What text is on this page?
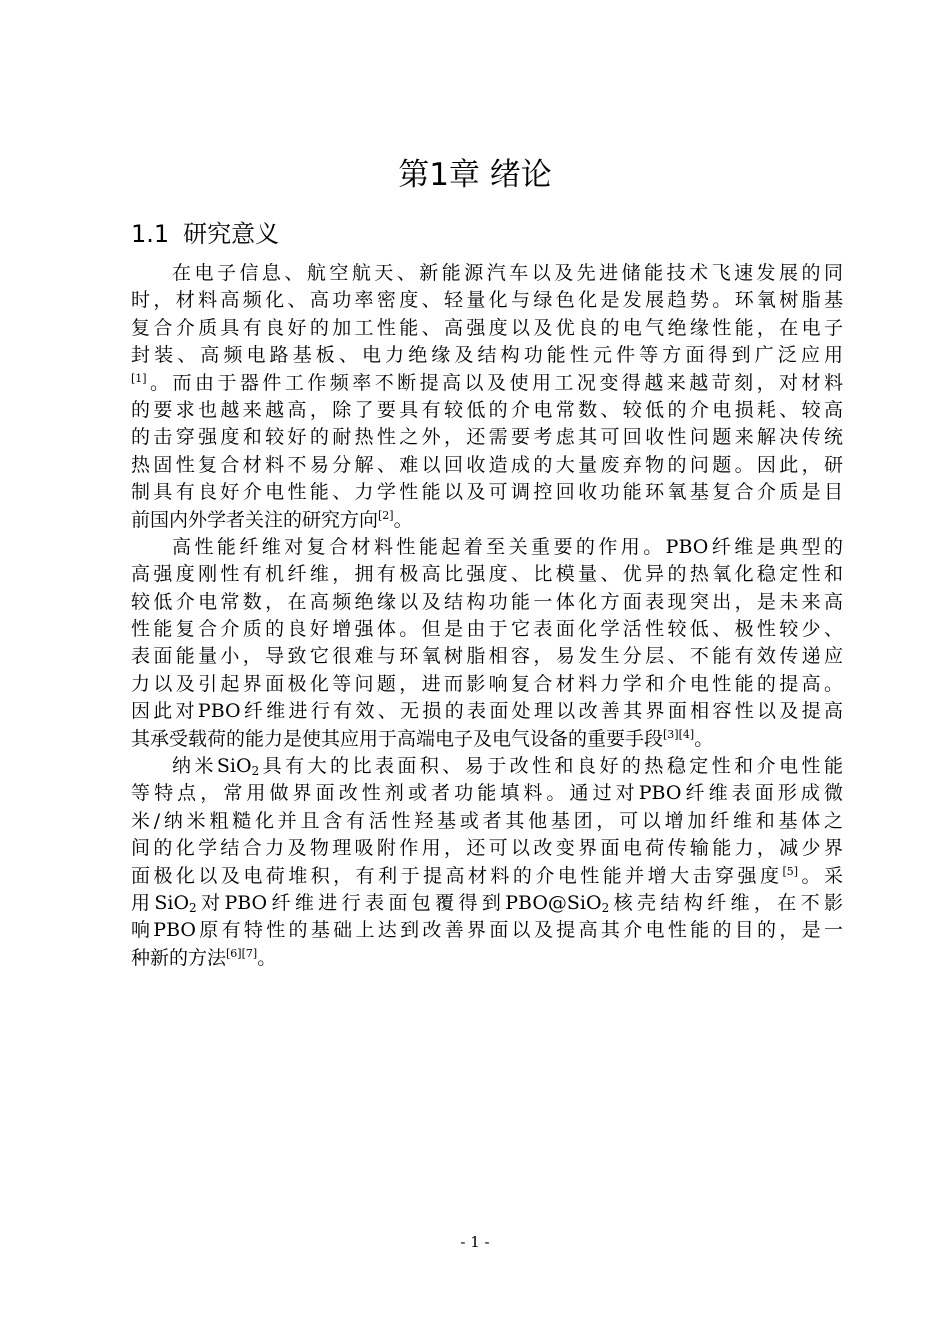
第1章 绪论
1.1 研究意义
在电子信息、航空航天、新能源汽车以及先进储能技术飞速发展的同
时，材料高频化、高功率密度、轻量化与绿色化是发展趋势。环氧树脂基
复合介质具有良好的加工性能、高强度以及优良的电气绝缘性能，在电子
封装、高频电路基板、电力绝缘及结构功能性元件等方面得到广泛应用
[1]。而由于器件工作频率不断提高以及使用工况变得越来越苛刻，对材料
的要求也越来越高，除了要具有较低的介电常数、较低的介电损耗、较高
的击穿强度和较好的耐热性之外，还需要考虑其可回收性问题来解决传统
热固性复合材料不易分解、难以回收造成的大量废弃物的问题。因此，研
制具有良好介电性能、力学性能以及可调控回收功能环氧基复合介质是目
前国内外学者关注的研究方向[2]。
高性能纤维对复合材料性能起着至关重要的作用。PBO纤维是典型的
高强度刚性有机纤维，拥有极高比强度、比模量、优异的热氧化稳定性和
较低介电常数，在高频绝缘以及结构功能一体化方面表现突出，是未来高
性能复合介质的良好增强体。但是由于它表面化学活性较低、极性较少、
表面能量小，导致它很难与环氧树脂相容，易发生分层、不能有效传递应
力以及引起界面极化等问题，进而影响复合材料力学和介电性能的提高。
因此对PBO纤维进行有效、无损的表面处理以改善其界面相容性以及提高
其承受载荷的能力是使其应用于高端电子及电气设备的重要手段[3][4]。
纳米SiO$_2$具有大的比表面积、易于改性和良好的热稳定性和介电性能
等特点，常用做界面改性剂或者功能填料。通过对PBO纤维表面形成微
米/纳米粗糙化并且含有活性羟基或者其他基团，可以增加纤维和基体之
间的化学结合力及物理吸附作用，还可以改变界面电荷传输能力，减少界
面极化以及电荷堆积，有利于提高材料的介电性能并增大击穿强度[5]。采
用SiO$_2$对PBO纤维进行表面包覆得到PBO@SiO$_2$核壳结构纤维，在不影
响PBO原有特性的基础上达到改善界面以及提高其介电性能的目的，是一
种新的方法[6][7]。
- 1 -
